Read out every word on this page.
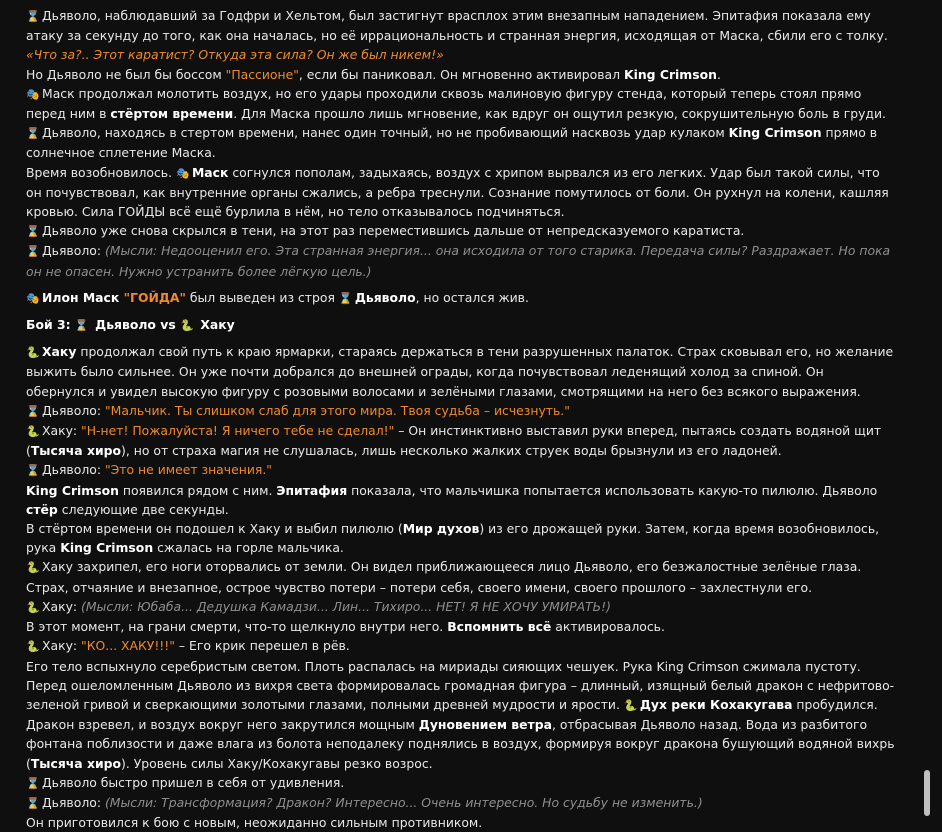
⌛ Дьяволо, наблюдавший за Годфри и Хельтом, был застигнут врасплох этим внезапным нападением. Эпитафия показала ему атаку за секунду до того, как она началась, но её иррациональность и странная энергия, исходящая от Маска, сбили его с толку. «Что за?.. Этот каратист? Откуда эта сила? Он же был никем!»

Но Дьяволо не был бы боссом "Пассионе", если бы паниковал. Он мгновенно активировал King Crimson.

🎭 Маск продолжал молотить воздух, но его удары проходили сквозь малиновую фигуру стенда, который теперь стоял прямо перед ним в стёртом времени. Для Маска прошло лишь мгновение, как вдруг он ощутил резкую, сокрушительную боль в груди.

⌛ Дьяволо, находясь в стертом времени, нанес один точный, но не пробивающий насквозь удар кулаком King Crimson прямо в солнечное сплетение Маска.

Время возобновилось. 🎭 Маск согнулся пополам, задыхаясь, воздух с хрипом вырвался из его легких. Удар был такой силы, что он почувствовал, как внутренние органы сжались, а ребра треснули. Сознание помутилось от боли. Он рухнул на колени, кашляя кровью. Сила ГОЙДЫ всё ещё бурлила в нём, но тело отказывалось подчиняться.

⌛ Дьяволо уже снова скрылся в тени, на этот раз переместившись дальше от непредсказуемого каратиста.

⌛ Дьяволо: (Мысли: Недооценил его. Эта странная энергия... она исходила от того старика. Передача силы? Раздражает. Но пока он не опасен. Нужно устранить более лёгкую цель.)

🎭 Илон Маск "ГОЙДА" был выведен из строя ⌛ Дьяволо, но остался жив.

Бой 3: ⌛ Дьяволо vs 🐍 Хаку

🐍 Хаку продолжал свой путь к краю ярмарки, стараясь держаться в тени разрушенных палаток. Страх сковывал его, но желание выжить было сильнее. Он уже почти добрался до внешней ограды, когда почувствовал леденящий холод за спиной. Он обернулся и увидел высокую фигуру с розовыми волосами и зелёными глазами, смотрящими на него без всякого выражения.

⌛ Дьяволо: "Мальчик. Ты слишком слаб для этого мира. Твоя судьба – исчезнуть."

🐍 Хаку: "Н-нет! Пожалуйста! Я ничего тебе не сделал!" – Он инстинктивно выставил руки вперед, пытаясь создать водяной щит (Тысяча хиро), но от страха магия не слушалась, лишь несколько жалких струек воды брызнули из его ладоней.

⌛ Дьяволо: "Это не имеет значения."

King Crimson появился рядом с ним. Эпитафия показала, что мальчишка попытается использовать какую-то пилюлю. Дьяволо стёр следующие две секунды.

В стёртом времени он подошел к Хаку и выбил пилюлю (Мир духов) из его дрожащей руки. Затем, когда время возобновилось, рука King Crimson сжалась на горле мальчика.

🐍 Хаку захрипел, его ноги оторвались от земли. Он видел приближающееся лицо Дьяволо, его безжалостные зелёные глаза. Страх, отчаяние и внезапное, острое чувство потери – потери себя, своего имени, своего прошлого – захлестнули его.

🐍 Хаку: (Мысли: Юбаба... Дедушка Камадзи... Лин... Тихиро... НЕТ! Я НЕ ХОЧУ УМИРАТЬ!)

В этот момент, на грани смерти, что-то щелкнуло внутри него. Вспомнить всё активировалось.

🐍 Хаку: "КО... ХАКУ!!!" – Его крик перешел в рёв.

Его тело вспыхнуло серебристым светом. Плоть распалась на мириады сияющих чешуек. Рука King Crimson сжимала пустоту. Перед ошеломленным Дьяволо из вихря света формировалась громадная фигура – длинный, изящный белый дракон с нефритово-зеленой гривой и сверкающими золотыми глазами, полными древней мудрости и ярости. 🐍 Дух реки Кохакугава пробудился.

Дракон взревел, и воздух вокруг него закрутился мощным Дуновением ветра, отбрасывая Дьяволо назад. Вода из разбитого фонтана поблизости и даже влага из болота неподалеку поднялись в воздух, формируя вокруг дракона бушующий водяной вихрь (Тысяча хиро). Уровень силы Хаку/Кохакугавы резко возрос.

⌛ Дьяволо быстро пришел в себя от удивления.

⌛ Дьяволо: (Мысли: Трансформация? Дракон? Интересно... Очень интересно. Но судьбу не изменить.)

Он приготовился к бою с новым, неожиданно сильным противником.
